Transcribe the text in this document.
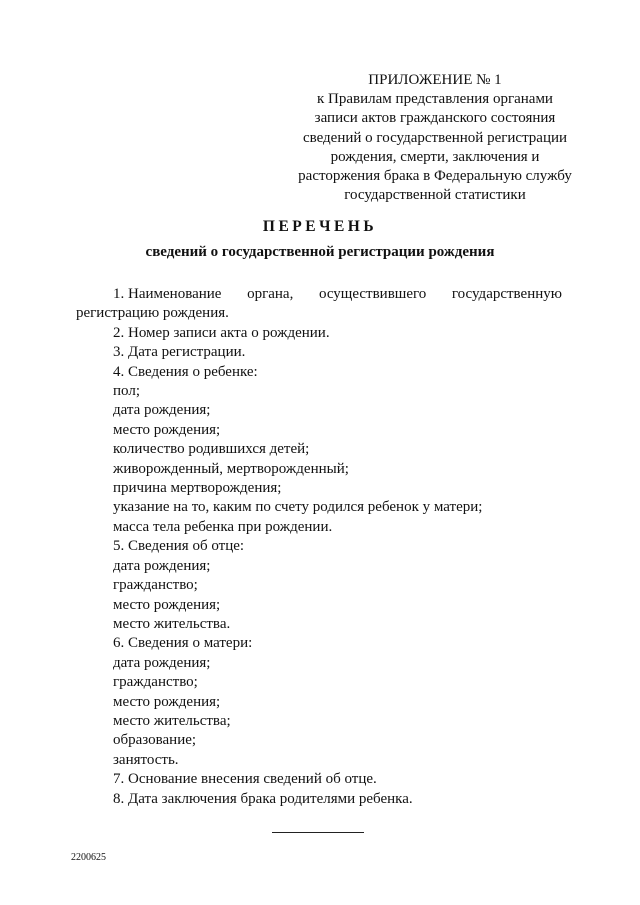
ПРИЛОЖЕНИЕ № 1
к Правилам представления органами
записи актов гражданского состояния
сведений о государственной регистрации
рождения, смерти, заключения и
расторжения брака в Федеральную службу
государственной статистики
ПЕРЕЧЕНЬ
сведений о государственной регистрации рождения
1. Наименование органа, осуществившего государственную
регистрацию рождения.
2. Номер записи акта о рождении.
3. Дата регистрации.
4. Сведения о ребенке:
пол;
дата рождения;
место рождения;
количество родившихся детей;
живорожденный, мертворожденный;
причина мертворождения;
указание на то, каким по счету родился ребенок у матери;
масса тела ребенка при рождении.
5. Сведения об отце:
дата рождения;
гражданство;
место рождения;
место жительства.
6. Сведения о матери:
дата рождения;
гражданство;
место рождения;
место жительства;
образование;
занятость.
7. Основание внесения сведений об отце.
8. Дата заключения брака родителями ребенка.
2200625
